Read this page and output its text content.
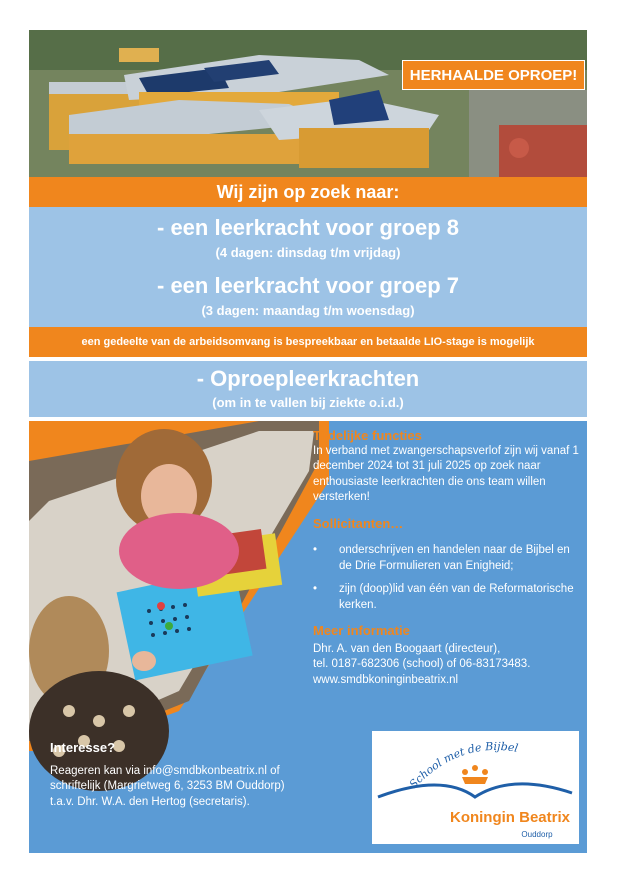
HERHAALDE OPROEP!
Wij zijn op zoek naar:
- een leerkracht voor groep 8
(4 dagen: dinsdag t/m vrijdag)
- een leerkracht voor groep 7
(3 dagen: maandag t/m woensdag)
een gedeelte van de arbeidsomvang is bespreekbaar en betaalde LIO-stage is mogelijk
- Oproepleerkrachten
(om in te vallen bij ziekte o.i.d.)
Tijdelijke functies
In verband met zwangerschapsverlof zijn wij vanaf 1 december 2024 tot 31 juli 2025 op zoek naar enthousiaste leerkrachten die ons team willen versterken!
Sollicitanten…
• onderschrijven en handelen naar de Bijbel en de Drie Formulieren van Enigheid;
• zijn (doop)lid van één van de Reformatorische kerken.
Meer informatie
Dhr. A. van den Boogaart (directeur),
tel. 0187-682306 (school) of 06-83173483.
www.smdbkoninginbeatrix.nl
Interesse?
Reageren kan via info@smdbkonbeatrix.nl of
schriftelijk (Margrietweg 6, 3253 BM Ouddorp)
t.a.v. Dhr. W.A. den Hertog (secretaris).
School met de Bijbel
Koningin Beatrix
Ouddorp
